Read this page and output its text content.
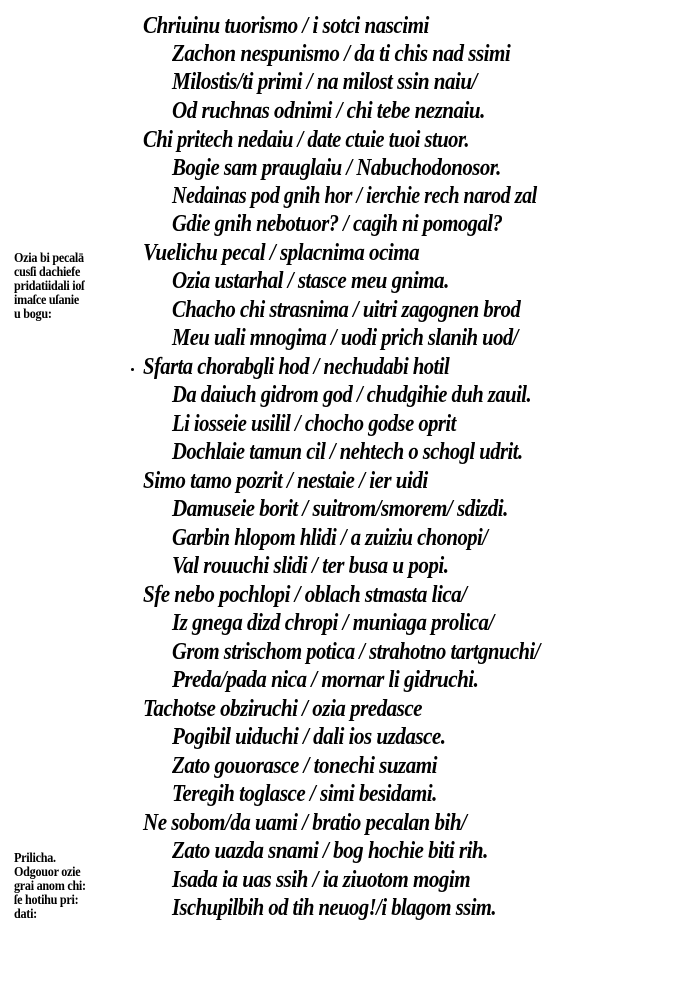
Chriuinu tuorismo / i sotci nascimi
Zachon nespunismo / da ti chis nad ssimi
Milostis/ti primi / na milost ssin naiu/
Od ruchnas odnimi / chi tebe neznaiu.
Chi pritech nedaiu / date ctuie tuoi stuor.
Bogie sam prauglaiu / Nabuchodonosor.
Nedainas pod gnih hor / ierchie rech narod zal
Gdie gnih nebotuor? / cagih ni pomogal?
Vuelichu pecal / splacnima ocima
Ozia ustarhal / stasce meu gnima.
Chacho chi strasnima / uitri zagognen brod
Meu uali mnogima / uodi prich slanih uod/
Sfarta chorabgli hod / nechudabi hotil
Da daiuch gidrom god / chudgihie duh zauil.
Li iosseie usilil / chocho godse oprit
Dochlaie tamun cil / nehtech o schogl udrit.
Simo tamo pozrit / nestaie / ier uidi
Damuseie borit / suitrom/smorem/ sdizdi.
Garbin hlopom hlidi / a zuiziu chonopi/
Val rouuchi slidi / ter busa u popi.
Sfe nebo pochlopi / oblach stmasta lica/
Iz gnega dizd chropi / muniaga prolica/
Grom strischom potica / strahotno tartgnuchi/
Preda/pada nica / mornar li gidruchi.
Tachotse obziruchi / ozia predasce
Pogibil uiduchi / dali ios uzdasce.
Zato gouorasce / tonechi suzami
Teregih toglasce / simi besidami.
Ne sobom/da uami / bratio pecalan bih/
Zato uazda snami / bog hochie biti rih.
Isada ia uas ssih / ia ziuotom mogim
Ischupilbih od tih neuog!/i blagom ssim.
Ozia bi pecalā
cusſi dachiefe
pridatiidali ioſ
imaſce uſanie
u bogu:
Prilicha.
Odgouor ozie
grai anom chi:
ſe hotihu pri:
dati:
